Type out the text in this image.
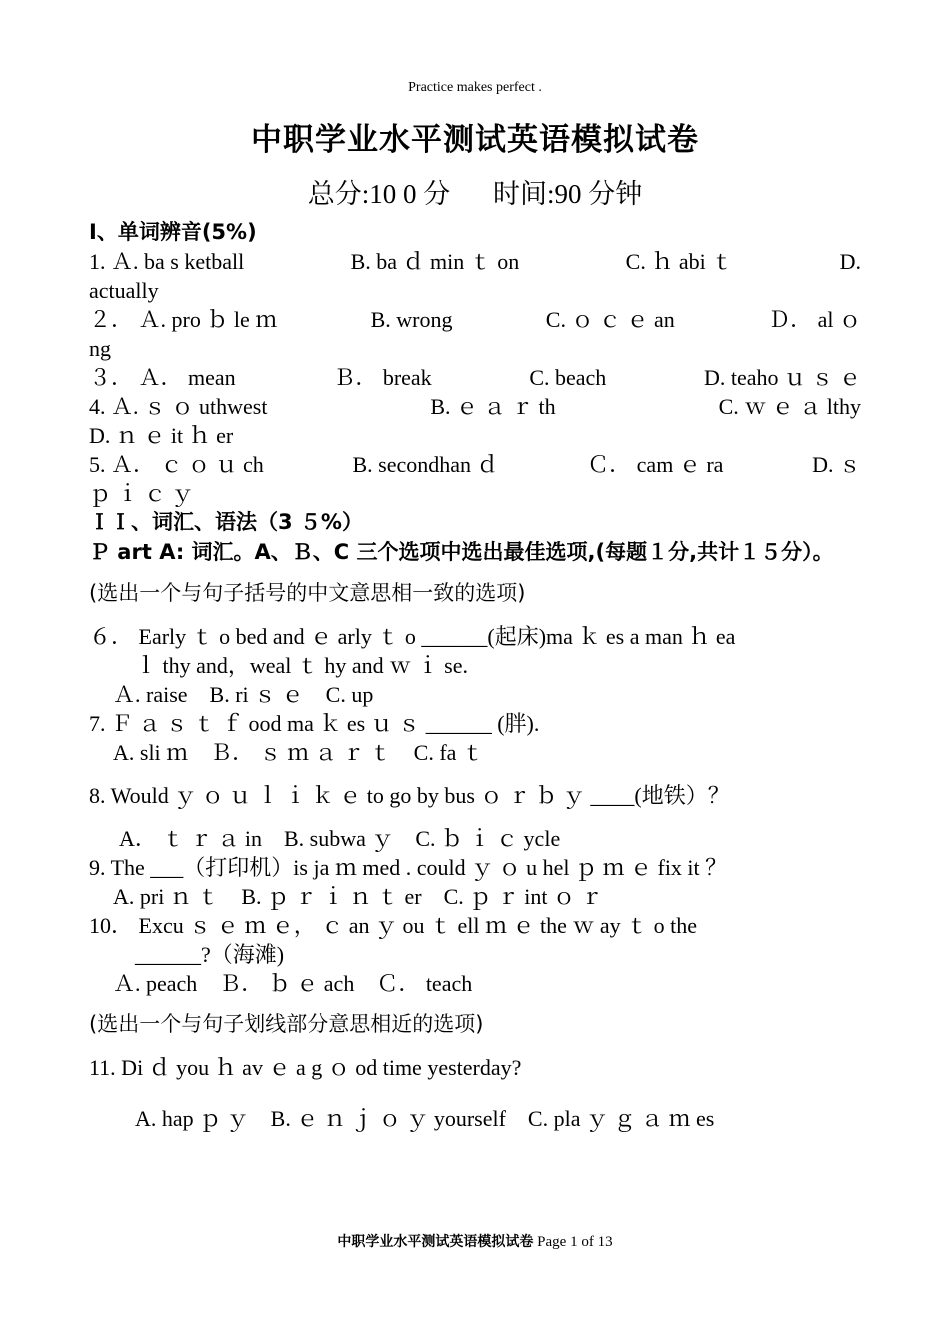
Practice makes perfect .
中职学业水平测试英语模拟试卷
总分:10 0 分 时间:90 分钟
I、单词辨音(5%)
1. Ａ. ba s ketball	B. ba ｄ min ｔ on	C. ｈ abi ｔ	D.
actually
２． Ａ. pro ｂ le ｍ	B. wrong	C. ｏ ｃ ｅ an	Ｄ． al ｏ
ng
３． Ａ． mean	Ｂ． break	C. beach	D. teaho ｕ ｓ ｅ
4. Ａ. ｓ ｏ uthwest	B. ｅ ａ ｒ th	C. ｗ ｅ ａ lthy
D. ｎ ｅ it ｈ er
5. Ａ． ｃ ｏ ｕ ch	B. secondhan ｄ	Ｃ． cam ｅ ra	D. ｓ
ｐ ｉ ｃ ｙ
ＩＩ、词汇、语法（3 ５%）
Ｐ art A: 词汇。A、Ｂ、C 三个选项中选出最佳选项,(每题１分,共计１５分）。
(选出一个与句子括号的中文意思相一致的选项)
６． Early ｔ o bed and ｅ arly ｔ o ______(起床)ma ｋ es a man ｈ ea
ｌ thy and，weal ｔ hy and ｗ ｉ se.
Ａ. raise    B. ri ｓ ｅ    C. up
7. Ｆ ａ ｓ ｔ ｆ ood ma ｋ es ｕ ｓ ______ (胖).
A. sli ｍ    Ｂ． ｓ ｍ ａ ｒ ｔ    C. fa ｔ
8. Would ｙ ｏ ｕ ｌ ｉ ｋ ｅ to go by bus ｏ ｒ ｂ ｙ ____(地铁）？
A． ｔ ｒ ａ in    B. subwa ｙ    C. ｂ ｉ ｃ ycle
9. The ___（打印机）is ja ｍ med . could ｙ ｏ u hel ｐ ｍ ｅ fix it ？
A. pri ｎ ｔ    B. ｐ ｒ ｉ ｎ ｔ er    C. ｐ ｒ int ｏ ｒ
10． Excu ｓ ｅ ｍ ｅ， ｃ an ｙ ou ｔ ell ｍ ｅ the ｗ ay ｔ o the
______?（海滩)
Ａ. peach    Ｂ． ｂ ｅ ach    Ｃ． teach
(选出一个与句子划线部分意思相近的选项)
11. Di ｄ you ｈ av ｅ a g ｏ od time yesterday?
A. hap ｐ ｙ    B. ｅ ｎ ｊ ｏ ｙ yourself    C. pla ｙ ｇ ａ ｍ es
中职学业水平测试英语模拟试卷 Page 1 of 13
